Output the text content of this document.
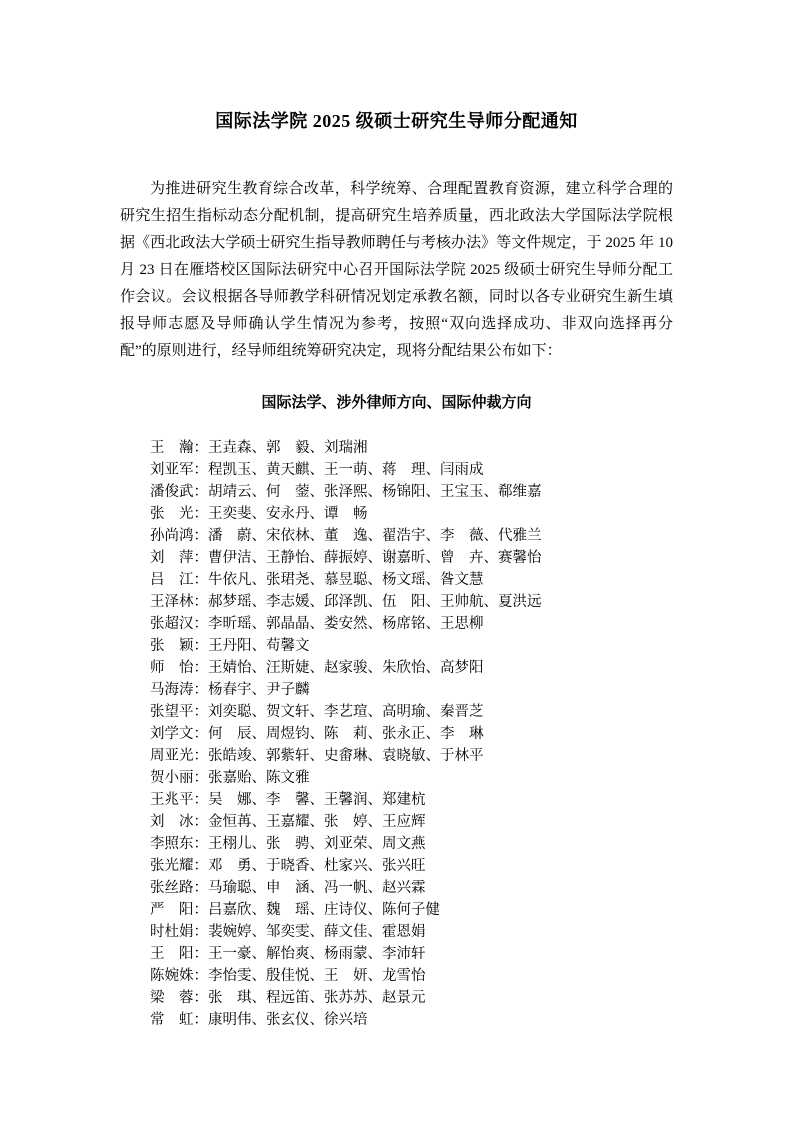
国际法学院 2025 级硕士研究生导师分配通知

为推进研究生教育综合改革，科学统筹、合理配置教育资源，建立科学合理的研究生招生指标动态分配机制，提高研究生培养质量，西北政法大学国际法学院根据《西北政法大学硕士研究生指导教师聘任与考核办法》等文件规定，于 2025 年 10 月 23 日在雁塔校区国际法研究中心召开国际法学院 2025 级硕士研究生导师分配工作会议。会议根据各导师教学科研情况划定承教名额，同时以各专业研究生新生填报导师志愿及导师确认学生情况为参考，按照“双向选择成功、非双向选择再分配”的原则进行，经导师组统筹研究决定，现将分配结果公布如下：

国际法学、涉外律师方向、国际仲裁方向
王　瀚：王垚森、郭　毅、刘瑞湘
刘亚军：程凯玉、黄天麒、王一萌、蒋　理、闫雨成
潘俊武：胡靖云、何　蓥、张泽熙、杨锦阳、王宝玉、郗维嘉
张　光：王奕斐、安永丹、谭　畅
孙尚鸿：潘　蔚、宋依林、董　逸、翟浩宇、李　薇、代雅兰
刘　萍：曹伊洁、王静怡、薛振婷、谢嘉昕、曾　卉、赛馨怡
吕　江：牛依凡、张珺尧、慕昱聪、杨文瑶、昝文慧
王泽林：郝梦瑶、李志媛、邱泽凯、伍　阳、王帅航、夏洪远
张超汉：李昕瑶、郭晶晶、娄安然、杨席铭、王思柳
张　颖：王丹阳、苟馨文
师　怡：王婧怡、汪斯婕、赵家骏、朱欣怡、高梦阳
马海涛：杨春宇、尹子麟
张望平：刘奕聪、贺文轩、李艺瑄、高明瑜、秦晋芝
刘学文：何　辰、周煜钧、陈　莉、张永正、李　琳
周亚光：张皓竣、郭紫轩、史畬琳、袁晓敏、于林平
贺小丽：张嘉贻、陈文雅
王兆平：吴　娜、李　馨、王馨润、郑建杭
刘　冰：金恒苒、王嘉耀、张　婷、王应辉
李照东：王栩儿、张　骋、刘亚荣、周文燕
张光耀：邓　勇、于晓香、杜家兴、张兴旺
张丝路：马瑜聪、申　涵、冯一帆、赵兴霖
严　阳：吕嘉欣、魏　瑶、庄诗仪、陈何子健
时杜娟：裴婉婷、邹奕雯、薛文佳、霍恩娟
王　阳：王一豪、解怡爽、杨雨蒙、李沛轩
陈婉姝：李怡雯、殷佳悦、王　妍、龙雪怡
梁　蓉：张　琪、程远笛、张苏苏、赵景元
常　虹：康明伟、张玄仪、徐兴培
